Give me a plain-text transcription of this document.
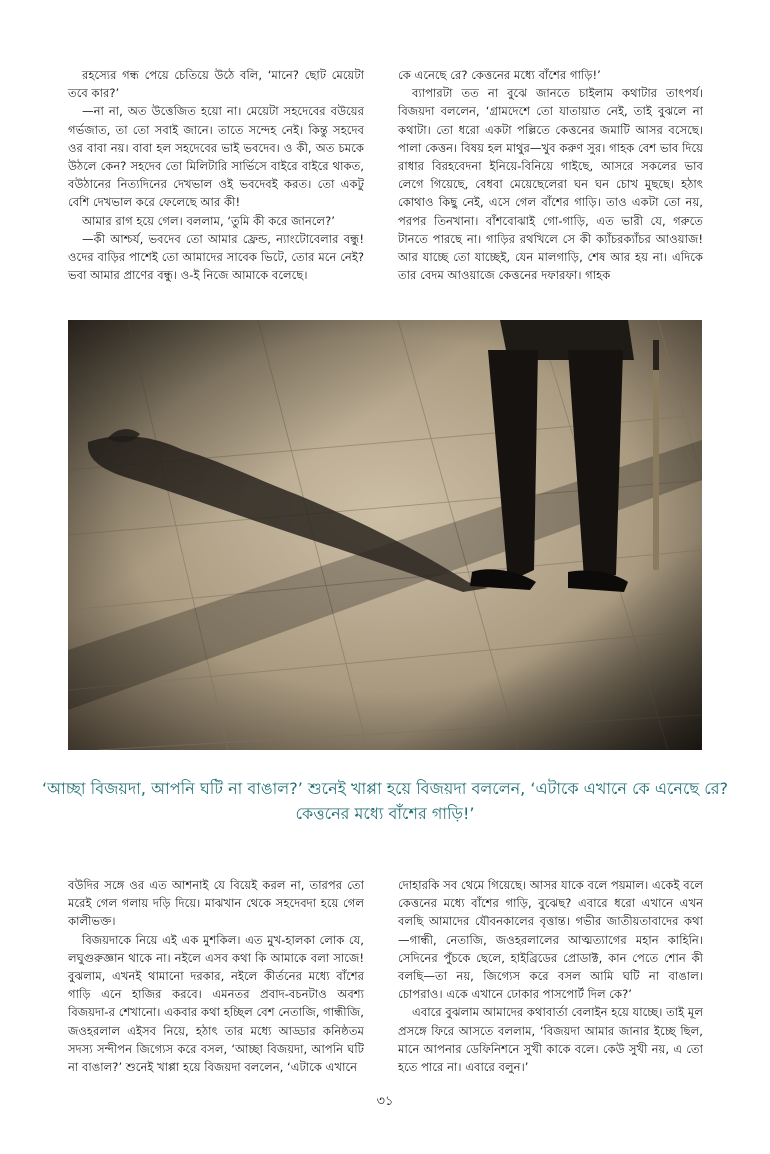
রহস্যের গন্ধ পেয়ে চেতিয়ে উঠে বলি, ‘মানে? ছোট মেয়েটা তবে কার?’

—না না, অত উত্তেজিত হয়ো না। মেয়েটা সহদেবের বউয়ের গর্ভজাত, তা তো সবাই জানে। তাতে সন্দেহ নেই। কিন্তু সহদেব ওর বাবা নয়। বাবা হল সহদেবের ভাই ভবদেব। ও কী, অত চমকে উঠলে কেন? সহদেব তো মিলিটারি সার্ভিসে বাইরে বাইরে থাকত, বউঠানের নিত্যদিনের দেখভাল ওই ভবদেবই করত। তো একটু বেশি দেখভাল করে ফেলেছে আর কী!

আমার রাগ হয়ে গেল। বললাম, ‘তুমি কী করে জানলে?’

—কী আশ্চর্য, ভবদেব তো আমার ফ্রেন্ড, ন্যাংটোবেলার বন্ধু! ওদের বাড়ির পাশেই তো আমাদের সাবেক ভিটে, তোর মনে নেই? ভবা আমার প্রাণের বন্ধু। ও-ই নিজে আমাকে বলেছে।

কে এনেছে রে? কেত্তনের মধ্যে বাঁশের গাড়ি!’

ব্যাপারটা তত না বুঝে জানতে চাইলাম কথাটার তাৎপর্য। বিজয়দা বললেন, ‘গ্রামদেশে তো যাতায়াত নেই, তাই বুঝলে না কথাটা। তো ধরো একটা পল্লিতে কেত্তনের জমাটি আসর বসেছে। পালা কেত্তন। বিষয় হল মাথুর—খুব করুণ সুর। গাহক বেশ ভাব দিয়ে রাধার বিরহবেদনা ইনিয়ে-বিনিয়ে গাইছে, আসরে সকলের ভাব লেগে গিয়েছে, বেধবা মেয়েছেলেরা ঘন ঘন চোখ মুছছে। হঠাৎ কোথাও কিছু নেই, এসে গেল বাঁশের গাড়ি। তাও একটা তো নয়, পরপর তিনখানা। বাঁশবোঝাই গো-গাড়ি, এত ভারী যে, গরুতে টানতে পারছে না। গাড়ির রথখিলে সে কী ক্যাঁচরক্যাঁচর আওয়াজ! আর যাচ্ছে তো যাচ্ছেই, যেন মালগাড়ি, শেষ আর হয় না। এদিকে তার বেদম আওয়াজে কেত্তনের দফারফা। গাহক

‘আচ্ছা বিজয়দা, আপনি ঘটি না বাঙাল?’ শুনেই খাপ্পা হয়ে বিজয়দা বললেন, ‘এটাকে এখানে কে এনেছে রে?
কেত্তনের মধ্যে বাঁশের গাড়ি!’

বউদির সঙ্গে ওর এত আশনাই যে বিয়েই করল না, তারপর তো মরেই গেল গলায় দড়ি দিয়ে। মাঝখান থেকে সহদেবদা হয়ে গেল কালীভক্ত।

বিজয়দাকে নিয়ে এই এক মুশকিল। এত মুখ-হালকা লোক যে, লঘুগুরুজ্ঞান থাকে না। নইলে এসব কথা কি আমাকে বলা সাজে! বুঝলাম, এখনই থামানো দরকার, নইলে কীর্তনের মধ্যে বাঁশের গাড়ি এনে হাজির করবে। এমনতর প্রবাদ-বচনটাও অবশ্য বিজয়দা-র শেখানো। একবার কথা হচ্ছিল বেশ নেতাজি, গান্ধীজি, জওহরলাল এইসব নিয়ে, হঠাৎ তার মধ্যে আড্ডার কনিষ্ঠতম সদস্য সন্দীপন জিগ্যেস করে বসল, ‘আচ্ছা বিজয়দা, আপনি ঘটি না বাঙাল?’ শুনেই খাপ্পা হয়ে বিজয়দা বললেন, ‘এটাকে এখানে

দোহারকি সব থেমে গিয়েছে। আসর যাকে বলে পয়মাল। একেই বলে কেত্তনের মধ্যে বাঁশের গাড়ি, বুঝেছ? এবারে ধরো এখানে এখন বলছি আমাদের যৌবনকালের বৃত্তান্ত। গভীর জাতীয়তাবাদের কথা—গান্ধী, নেতাজি, জওহরলালের আত্মত্যাগের মহান কাহিনি। সেদিনের পুঁচকে ছেলে, হাইব্রিডের প্রোডাক্ট, কান পেতে শোন কী বলছি—তা নয়, জিগ্যেস করে বসল আমি ঘটি না বাঙাল। চোপরাও। একে এখানে ঢোকার পাসপোর্ট দিল কে?’

এবারে বুঝলাম আমাদের কথাবার্তা বেলাইন হয়ে যাচ্ছে। তাই মূল প্রসঙ্গে ফিরে আসতে বললাম, ‘বিজয়দা আমার জানার ইচ্ছে ছিল, মানে আপনার ডেফিনিশনে সুখী কাকে বলে। কেউ সুখী নয়, এ তো হতে পারে না। এবারে বলুন।’

৩১
